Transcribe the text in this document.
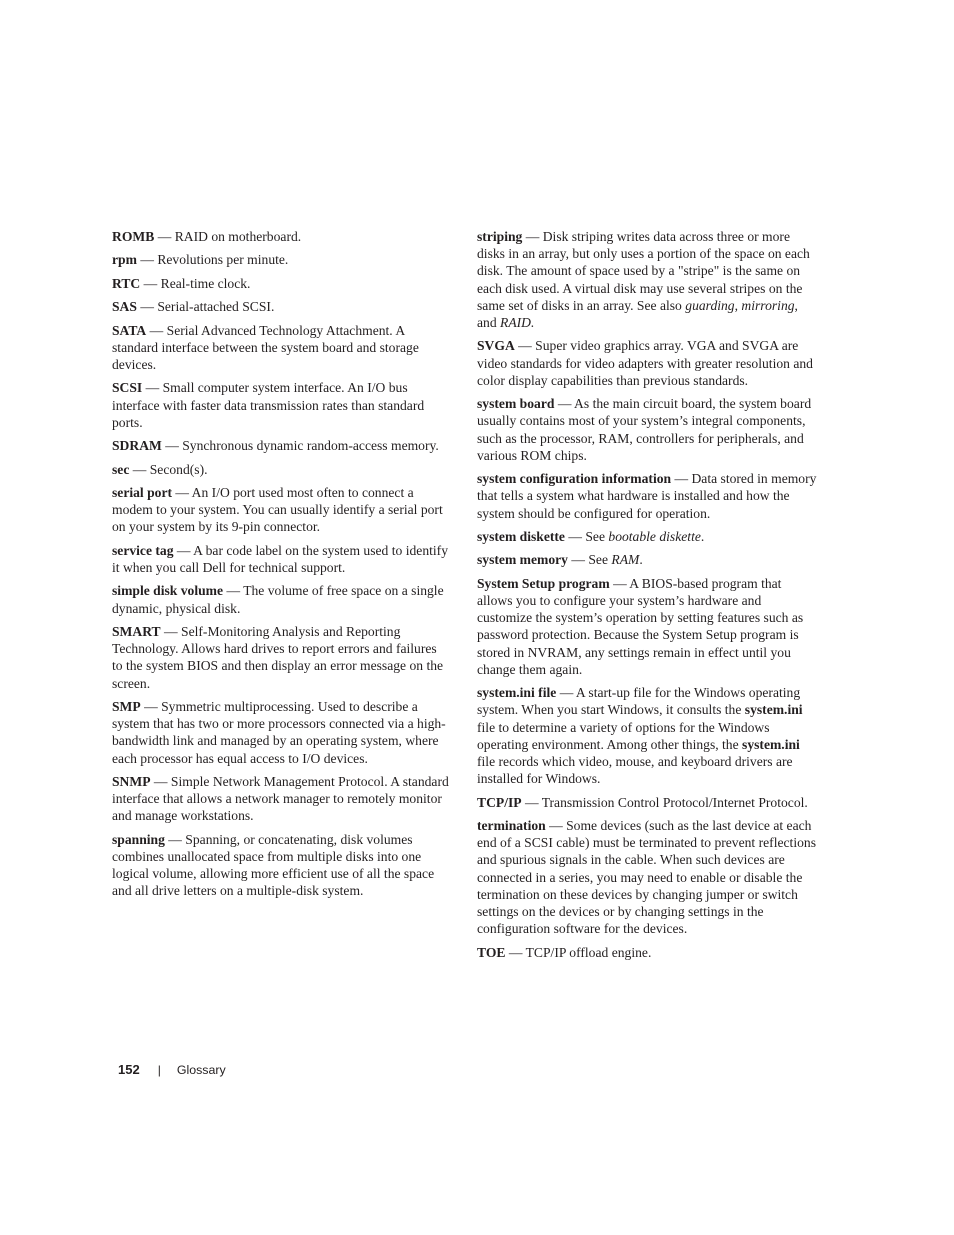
ROMB — RAID on motherboard.

rpm — Revolutions per minute.

RTC — Real-time clock.

SAS — Serial-attached SCSI.

SATA — Serial Advanced Technology Attachment. A standard interface between the system board and storage devices.

SCSI — Small computer system interface. An I/O bus interface with faster data transmission rates than standard ports.

SDRAM — Synchronous dynamic random-access memory.

sec — Second(s).

serial port — An I/O port used most often to connect a modem to your system. You can usually identify a serial port on your system by its 9-pin connector.

service tag — A bar code label on the system used to identify it when you call Dell for technical support.

simple disk volume — The volume of free space on a single dynamic, physical disk.

SMART — Self-Monitoring Analysis and Reporting Technology. Allows hard drives to report errors and failures to the system BIOS and then display an error message on the screen.

SMP — Symmetric multiprocessing. Used to describe a system that has two or more processors connected via a high-bandwidth link and managed by an operating system, where each processor has equal access to I/O devices.

SNMP — Simple Network Management Protocol. A standard interface that allows a network manager to remotely monitor and manage workstations.

spanning — Spanning, or concatenating, disk volumes combines unallocated space from multiple disks into one logical volume, allowing more efficient use of all the space and all drive letters on a multiple-disk system.

striping — Disk striping writes data across three or more disks in an array, but only uses a portion of the space on each disk. The amount of space used by a "stripe" is the same on each disk used. A virtual disk may use several stripes on the same set of disks in an array. See also guarding, mirroring, and RAID.

SVGA — Super video graphics array. VGA and SVGA are video standards for video adapters with greater resolution and color display capabilities than previous standards.

system board — As the main circuit board, the system board usually contains most of your system’s integral components, such as the processor, RAM, controllers for peripherals, and various ROM chips.

system configuration information — Data stored in memory that tells a system what hardware is installed and how the system should be configured for operation.

system diskette — See bootable diskette.

system memory — See RAM.

System Setup program — A BIOS-based program that allows you to configure your system’s hardware and customize the system’s operation by setting features such as password protection. Because the System Setup program is stored in NVRAM, any settings remain in effect until you change them again.

system.ini file — A start-up file for the Windows operating system. When you start Windows, it consults the system.ini file to determine a variety of options for the Windows operating environment. Among other things, the system.ini file records which video, mouse, and keyboard drivers are installed for Windows.

TCP/IP — Transmission Control Protocol/Internet Protocol.

termination — Some devices (such as the last device at each end of a SCSI cable) must be terminated to prevent reflections and spurious signals in the cable. When such devices are connected in a series, you may need to enable or disable the termination on these devices by changing jumper or switch settings on the devices or by changing settings in the configuration software for the devices.

TOE — TCP/IP offload engine.

152 | Glossary
